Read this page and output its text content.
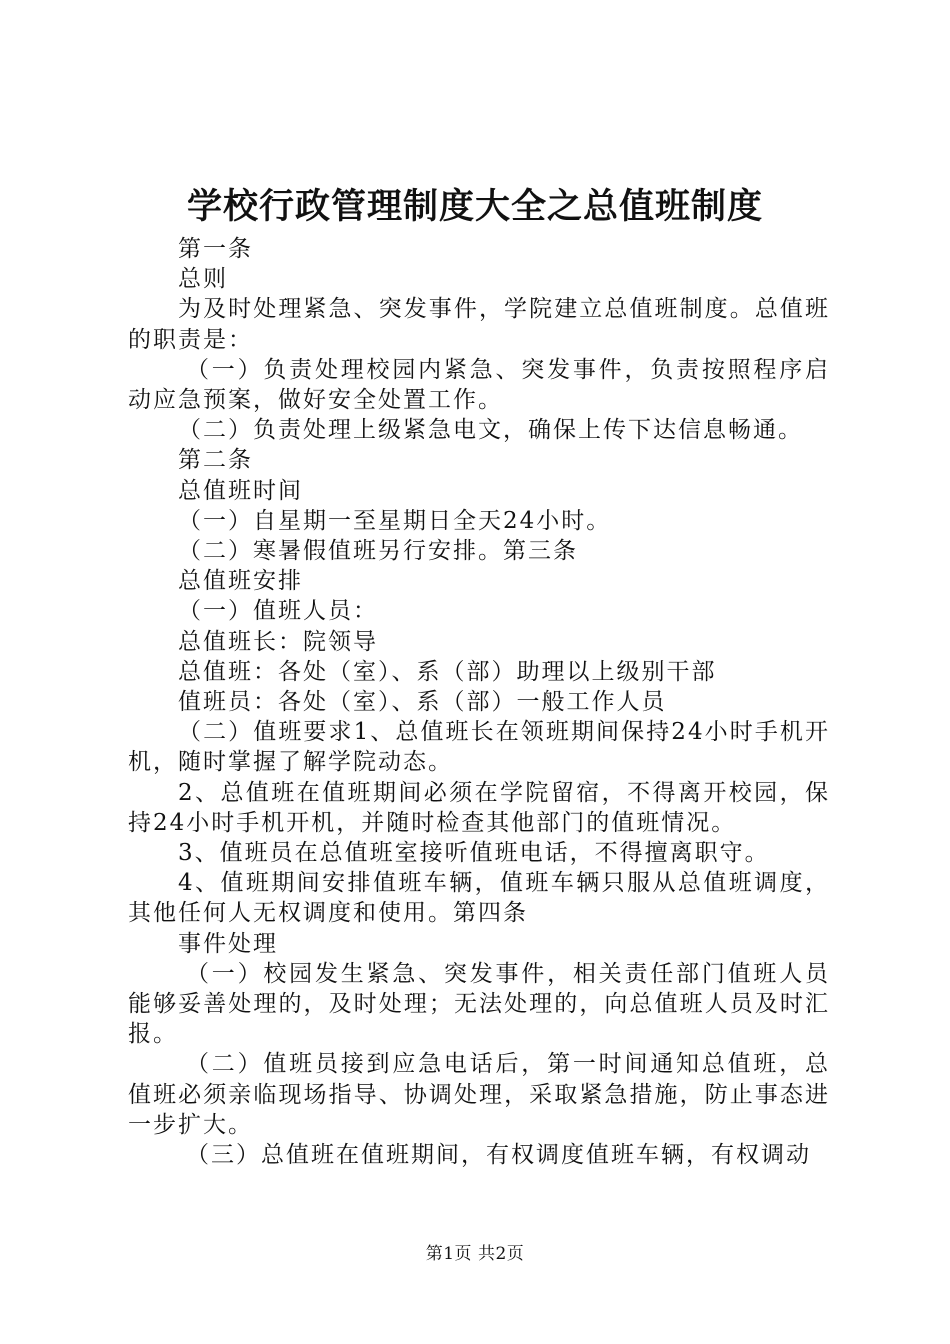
学校行政管理制度大全之总值班制度

第一条

总则

为及时处理紧急、突发事件，学院建立总值班制度。总值班的职责是：

（一）负责处理校园内紧急、突发事件，负责按照程序启动应急预案，做好安全处置工作。

（二）负责处理上级紧急电文，确保上传下达信息畅通。

第二条

总值班时间

（一）自星期一至星期日全天24小时。

（二）寒暑假值班另行安排。第三条

总值班安排

（一）值班人员：

总值班长：院领导

总值班：各处（室）、系（部）助理以上级别干部

值班员：各处（室）、系（部）一般工作人员

（二）值班要求1、总值班长在领班期间保持24小时手机开机，随时掌握了解学院动态。

2、总值班在值班期间必须在学院留宿，不得离开校园，保持24小时手机开机，并随时检查其他部门的值班情况。

3、值班员在总值班室接听值班电话，不得擅离职守。

4、值班期间安排值班车辆，值班车辆只服从总值班调度，其他任何人无权调度和使用。第四条

事件处理

（一）校园发生紧急、突发事件，相关责任部门值班人员能够妥善处理的，及时处理；无法处理的，向总值班人员及时汇报。

（二）值班员接到应急电话后，第一时间通知总值班，总值班必须亲临现场指导、协调处理，采取紧急措施，防止事态进一步扩大。

（三）总值班在值班期间，有权调度值班车辆，有权调动

第1页 共2页
